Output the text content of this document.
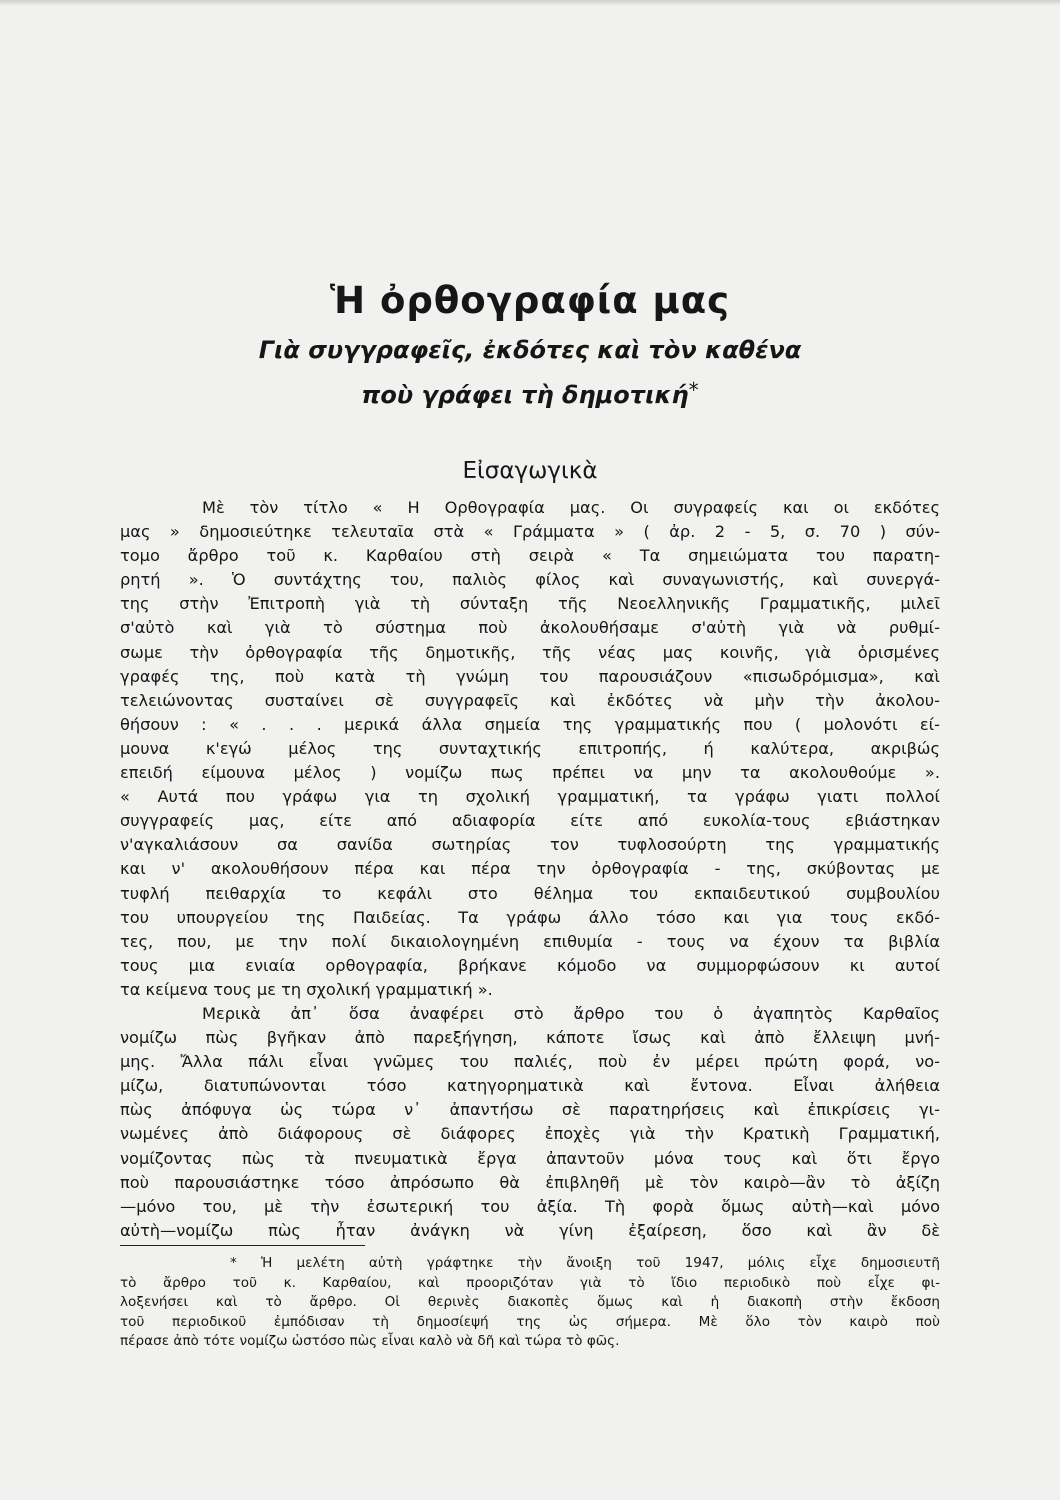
Ἡ ὀρθογραφία μας
Γιὰ συγγραφεῖς, ἐκδότες καὶ τὸν καθένα
ποὺ γράφει τὴ δημοτική*
Εἰσαγωγικὰ
Μὲ τὸν τίτλο « Η Ορθογραφία μας. Οι συγραφείς και οι εκδότες
μας » δημοσιεύτηκε τελευταῖα στὰ « Γράμματα » ( ἀρ. 2 - 5, σ. 70 ) σύν-
τομο ἄρθρο τοῦ κ. Καρθαίου στὴ σειρὰ « Τα σημειώματα του παρατη-
ρητή ». Ὁ συντάχτης του, παλιὸς φίλος καὶ συναγωνιστής, καὶ συνεργά-
της στὴν Ἐπιτροπὴ γιὰ τὴ σύνταξη τῆς Νεοελληνικῆς Γραμματικῆς, μιλεῖ
σ'αὐτὸ καὶ γιὰ τὸ σύστημα ποὺ ἀκολουθήσαμε σ'αὐτὴ γιὰ νὰ ρυθμί-
σωμε τὴν ὀρθογραφία τῆς δημοτικῆς, τῆς νέας μας κοινῆς, γιὰ ὁρισμένες
γραφές της, ποὺ κατὰ τὴ γνώμη του παρουσιάζουν «πισωδρόμισμα», καὶ
τελειώνοντας συσταίνει σὲ συγγραφεῖς καὶ ἐκδότες νὰ μὴν τὴν ἀκολου-
θήσουν : « . . . μερικά άλλα σημεία της γραμματικής που ( μολονότι εί-
μουνα κ'εγώ μέλος της συνταχτικής επιτροπής, ή καλύτερα, ακριβώς
επειδή είμουνα μέλος ) νομίζω πως πρέπει να μην τα ακολουθούμε ».
« Αυτά που γράφω για τη σχολική γραμματική, τα γράφω γιατι πολλοί
συγγραφείς μας, είτε από αδιαφορία είτε από ευκολία-τους εβιάστηκαν
ν'αγκαλιάσουν σα σανίδα σωτηρίας τον τυφλοσούρτη της γραμματικής
και ν' ακολουθήσουν πέρα και πέρα την ὀρθογραφία - της, σκύβοντας με
τυφλή πειθαρχία το κεφάλι στο θέλημα του εκπαιδευτικού συμβουλίου
του υπουργείου της Παιδείας. Τα γράφω άλλο τόσο και για τους εκδό-
τες, που, με την πολί δικαιολογημένη επιθυμία - τους να έχουν τα βιβλία
τους μια ενιαία ορθογραφία, βρήκανε κόμοδο να συμμορφώσουν κι αυτοί
τα κείμενα τους με τη σχολική γραμματική ».
Μερικὰ ἀπ᾽ ὅσα ἀναφέρει στὸ ἄρθρο του ὁ ἀγαπητὸς Καρθαῖος
νομίζω πὼς βγῆκαν ἀπὸ παρεξήγηση, κάποτε ἴσως καὶ ἀπὸ ἔλλειψη μνή-
μης. Ἄλλα πάλι εἶναι γνῶμες του παλιές, ποὺ ἐν μέρει πρώτη φορά, νο-
μίζω, διατυπώνονται τόσο κατηγορηματικὰ καὶ ἔντονα. Εἶναι ἀλήθεια
πὼς ἀπόφυγα ὡς τώρα ν᾽ ἀπαντήσω σὲ παρατηρήσεις καὶ ἐπικρίσεις γι-
νωμένες ἀπὸ διάφορους σὲ διάφορες ἐποχὲς γιὰ τὴν Κρατικὴ Γραμματική,
νομίζοντας πὼς τὰ πνευματικὰ ἔργα ἀπαντοῦν μόνα τους καὶ ὅτι ἔργο
ποὺ παρουσιάστηκε τόσο ἀπρόσωπο θὰ ἐπιβληθῆ μὲ τὸν καιρὸ—ἂν τὸ ἀξίζη
—μόνο του, μὲ τὴν ἐσωτερική του ἀξία. Τὴ φορὰ ὅμως αὐτὴ—καὶ μόνο
αὐτὴ—νομίζω πὼς ἦταν ἀνάγκη νὰ γίνη ἐξαίρεση, ὅσο καὶ ἂν δὲ
* Ἡ μελέτη αὐτὴ γράφτηκε τὴν ἄνοιξη τοῦ 1947, μόλις εἶχε δημοσιευτῆ
τὸ ἄρθρο τοῦ κ. Καρθαίου, καὶ προοριζόταν γιὰ τὸ ἴδιο περιοδικὸ ποὺ εἶχε φι-
λοξενήσει καὶ τὸ ἄρθρο. Οἱ θερινὲς διακοπὲς ὅμως καὶ ἡ διακοπὴ στὴν ἔκδοση
τοῦ περιοδικοῦ ἐμπόδισαν τὴ δημοσίεψή της ὡς σήμερα. Μὲ ὅλο τὸν καιρὸ ποὺ
πέρασε ἀπὸ τότε νομίζω ὡστόσο πὼς εἶναι καλὸ νὰ δῆ καὶ τώρα τὸ φῶς.
